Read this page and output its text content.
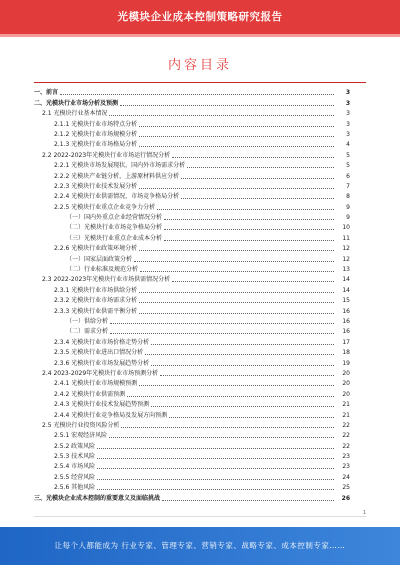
光模块企业成本控制策略研究报告
内容目录
一、前言	3
二、光模块行业市场分析及预测	3
2.1 光模块行业基本情况	3
2.1.1 光模块行业市场特点分析	3
2.1.2 光模块行业市场规模分析	3
2.1.3 光模块行业市场格局分析	4
2.2 2022-2023年光模块行业市场运行情况分析	5
2.2.1 光模块市场发展现状，国内外市场需求分析	5
2.2.2 光模块产业链分析，上游原材料供应分析	6
2.2.3 光模块行业技术发展分析	7
2.2.4 光模块行业供需情况，市场竞争格局分析	8
2.2.5 光模块行业重点企业竞争力分析	9
（一）国内外重点企业经营情况分析	9
（二）光模块行业市场竞争格局分析	10
（三）光模块行业重点企业成本分析	11
2.2.6 光模块行业政策环境分析	12
（一）国家层面政策分析	12
（二）行业标准及规范分析	13
2.3 2022-2023年光模块行业市场供需情况分析	14
2.3.1 光模块行业市场供给分析	14
2.3.2 光模块行业市场需求分析	15
2.3.3 光模块行业供需平衡分析	16
（一）供给分析	16
（二）需求分析	16
2.3.4 光模块行业市场价格走势分析	17
2.3.5 光模块行业进出口情况分析	18
2.3.6 光模块行业市场发展趋势分析	19
2.4 2023-2029年光模块行业市场预测分析	20
2.4.1 光模块行业市场规模预测	20
2.4.2 光模块行业供需预测	20
2.4.3 光模块行业技术发展趋势预测	21
2.4.4 光模块行业竞争格局及发展方向预测	21
2.5 光模块行业投资风险分析	22
2.5.1 宏观经济风险	22
2.5.2 政策风险	22
2.5.3 技术风险	23
2.5.4 市场风险	23
2.5.5 经营风险	24
2.5.6 其他风险	25
三、光模块企业成本控制的重要意义及面临挑战	26
1
让每个人都能成为 行业专家、管理专家、营销专家、战略专家、成本控制专家……
